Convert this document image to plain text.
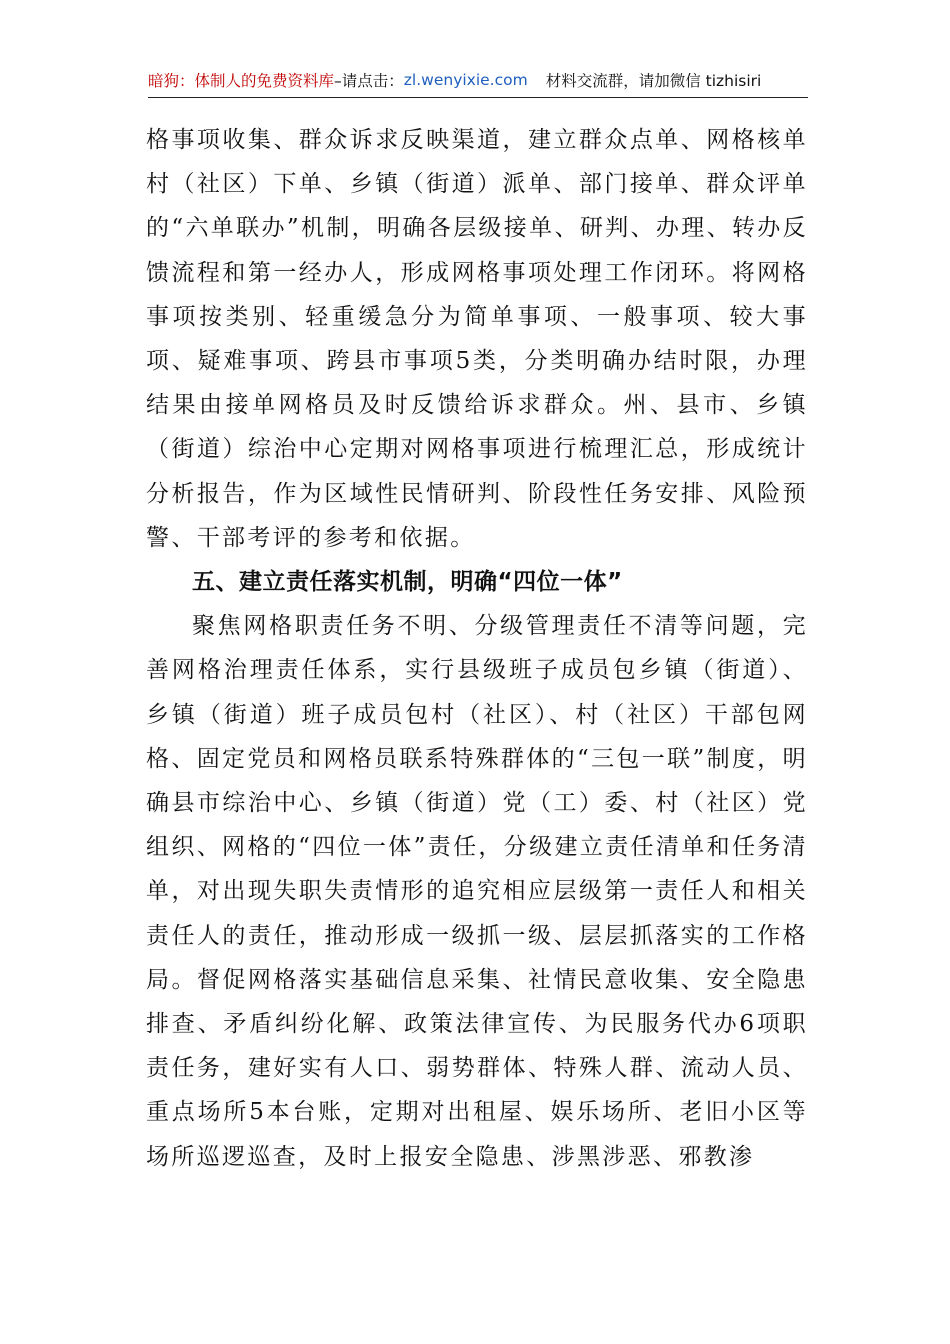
暗狗：体制人的免费资料库 –请点击： zl.wenyixie.com 材料交流群，请加微信 tizhisiri

格事项收集、群众诉求反映渠道，建立群众点单、网格核单村（社区）下单、乡镇（街道）派单、部门接单、群众评单的“六单联办”机制，明确各层级接单、研判、办理、转办反馈流程和第一经办人，形成网格事项处理工作闭环。将网格事项按类别、轻重缓急分为简单事项、一般事项、较大事项、疑难事项、跨县市事项5类，分类明确办结时限，办理结果由接单网格员及时反馈给诉求群众。州、县市、乡镇（街道）综治中心定期对网格事项进行梳理汇总，形成统计分析报告，作为区域性民情研判、阶段性任务安排、风险预警、干部考评的参考和依据。

五、建立责任落实机制，明确“四位一体”

聚焦网格职责任务不明、分级管理责任不清等问题，完善网格治理责任体系，实行县级班子成员包乡镇（街道）、乡镇（街道）班子成员包村（社区）、村（社区）干部包网格、固定党员和网格员联系特殊群体的“三包一联”制度，明确县市综治中心、乡镇（街道）党（工）委、村（社区）党组织、网格的“四位一体”责任，分级建立责任清单和任务清单，对出现失职失责情形的追究相应层级第一责任人和相关责任人的责任，推动形成一级抓一级、层层抓落实的工作格局。督促网格落实基础信息采集、社情民意收集、安全隐患排查、矛盾纠纷化解、政策法律宣传、为民服务代办6项职责任务，建好实有人口、弱势群体、特殊人群、流动人员、重点场所5本台账，定期对出租屋、娱乐场所、老旧小区等场所巡逻巡查，及时上报安全隐患、涉黑涉恶、邪教渗
